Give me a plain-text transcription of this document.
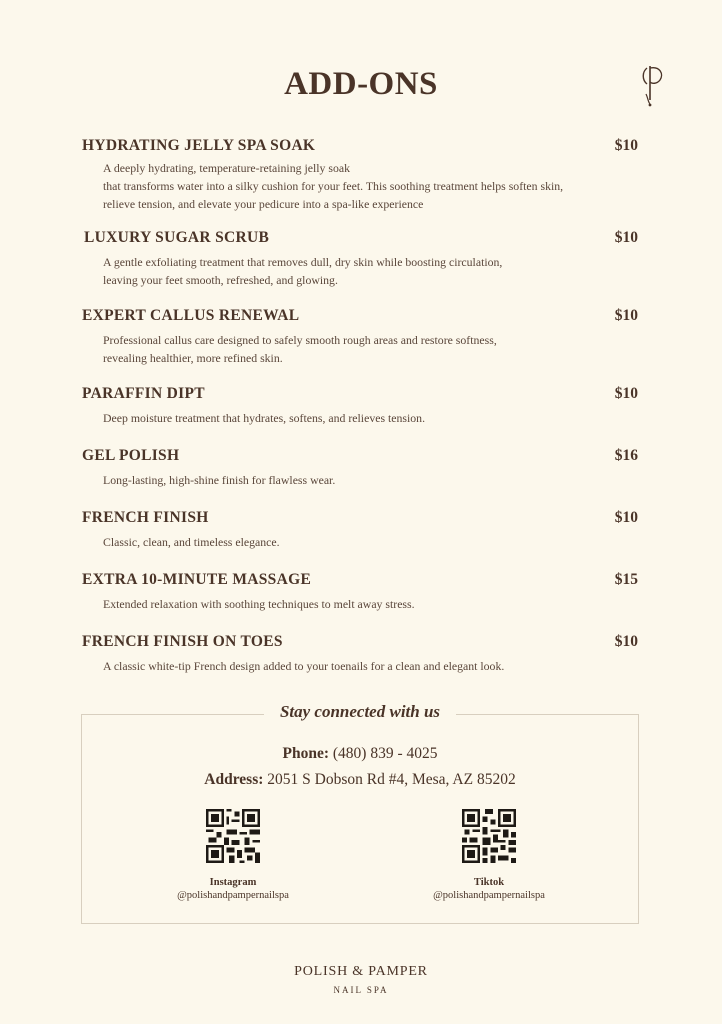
ADD-ONS
HYDRATING JELLY SPA SOAK	$10
A deeply hydrating, temperature-retaining jelly soak
that transforms water into a silky cushion for your feet. This soothing treatment helps soften skin,
relieve tension, and elevate your pedicure into a spa-like experience
LUXURY SUGAR SCRUB	$10
A gentle exfoliating treatment that removes dull, dry skin while boosting circulation,
leaving your feet smooth, refreshed, and glowing.
EXPERT CALLUS RENEWAL	$10
Professional callus care designed to safely smooth rough areas and restore softness,
revealing healthier, more refined skin.
PARAFFIN DIPT	$10
Deep moisture treatment that hydrates, softens, and relieves tension.
GEL POLISH	$16
Long-lasting, high-shine finish for flawless wear.
FRENCH FINISH	$10
Classic, clean, and timeless elegance.
EXTRA 10-MINUTE MASSAGE	$15
Extended relaxation with soothing techniques to melt away stress.
FRENCH FINISH ON TOES	$10
A classic white-tip French design added to your toenails for a clean and elegant look.
Stay connected with us
Phone: (480) 839 - 4025
Address: 2051 S Dobson Rd #4, Mesa, AZ 85202
Instagram
@polishandpampernailspa
Tiktok
@polishandpampernailspa
POLISH & PAMPER
NAIL SPA
